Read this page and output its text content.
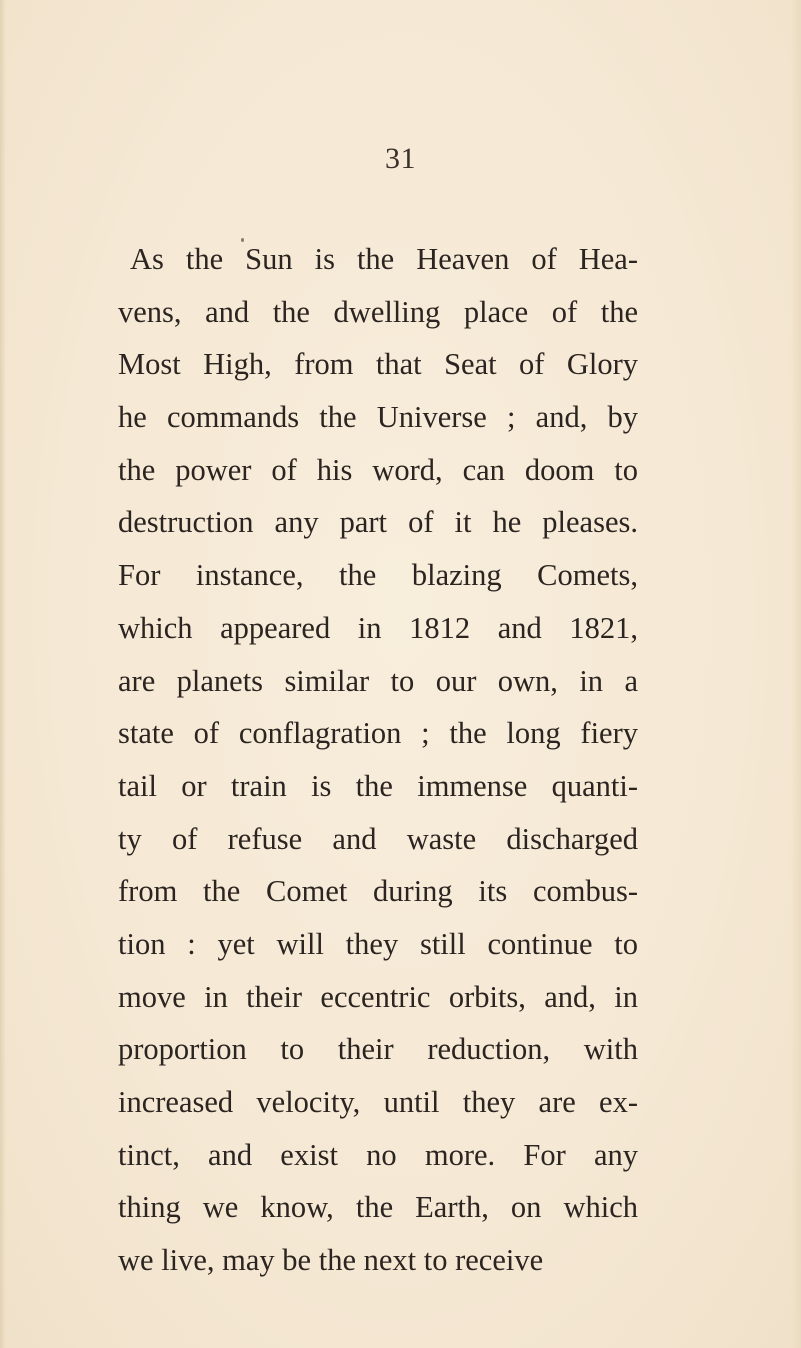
31
As the Sun is the Heaven of Hea-
vens, and the dwelling place of the
Most High, from that Seat of Glory
he commands the Universe ; and, by
the power of his word, can doom to
destruction any part of it he pleases.
For instance, the blazing Comets,
which appeared in 1812 and 1821,
are planets similar to our own, in a
state of conflagration ; the long fiery
tail or train is the immense quanti-
ty of refuse and waste discharged
from the Comet during its combus-
tion : yet will they still continue to
move in their eccentric orbits, and, in
proportion to their reduction, with
increased velocity, until they are ex-
tinct, and exist no more. For any
thing we know, the Earth, on which
we live, may be the next to receive
